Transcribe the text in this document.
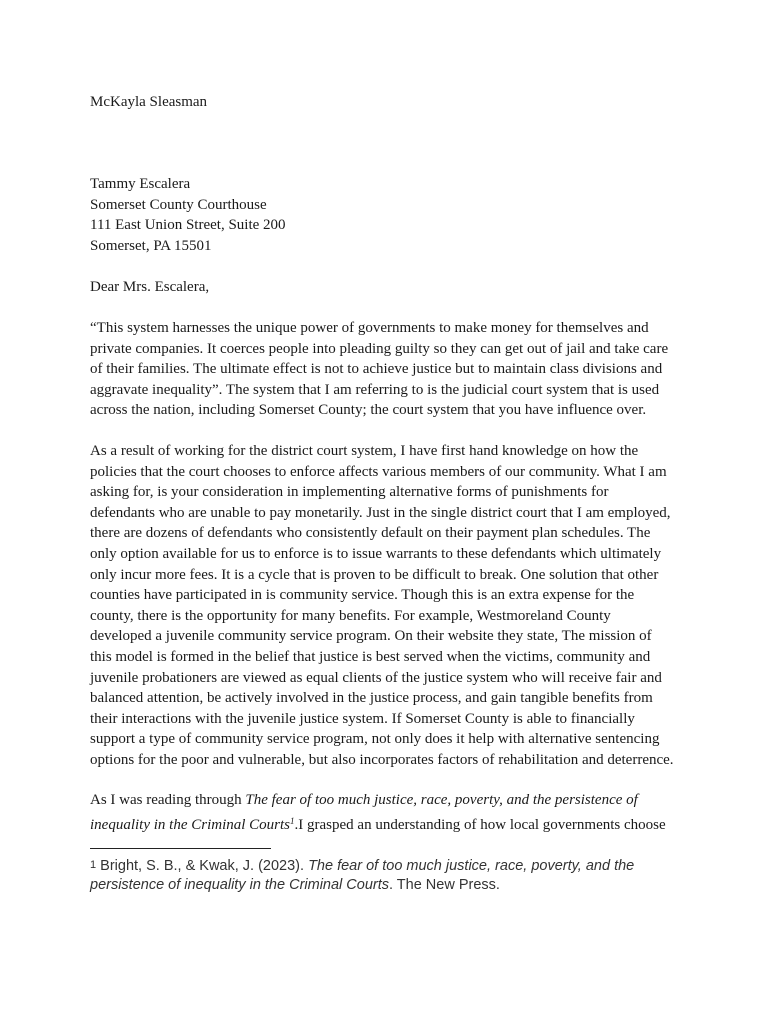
McKayla Sleasman
Tammy Escalera
Somerset County Courthouse
111 East Union Street, Suite 200
Somerset, PA 15501
Dear Mrs. Escalera,
“This system harnesses the unique power of governments to make money for themselves and
private companies. It coerces people into pleading guilty so they can get out of jail and take care
of their families. The ultimate effect is not to achieve justice but to maintain class divisions and
aggravate inequality”. The system that I am referring to is the judicial court system that is used
across the nation, including Somerset County; the court system that you have influence over.
As a result of working for the district court system, I have first hand knowledge on how the
policies that the court chooses to enforce affects various members of our community. What I am
asking for, is your consideration in implementing alternative forms of punishments for
defendants who are unable to pay monetarily. Just in the single district court that I am employed,
there are dozens of defendants who consistently default on their payment plan schedules. The
only option available for us to enforce is to issue warrants to these defendants which ultimately
only incur more fees. It is a cycle that is proven to be difficult to break. One solution that other
counties have participated in is community service. Though this is an extra expense for the
county, there is the opportunity for many benefits. For example, Westmoreland County
developed a juvenile community service program. On their website they state, The mission of
this model is formed in the belief that justice is best served when the victims, community and
juvenile probationers are viewed as equal clients of the justice system who will receive fair and
balanced attention, be actively involved in the justice process, and gain tangible benefits from
their interactions with the juvenile justice system. If Somerset County is able to financially
support a type of community service program, not only does it help with alternative sentencing
options for the poor and vulnerable, but also incorporates factors of rehabilitation and deterrence.
As I was reading through The fear of too much justice, race, poverty, and the persistence of
inequality in the Criminal Courts$^1$.I grasped an understanding of how local governments choose
1 Bright, S. B., & Kwak, J. (2023). The fear of too much justice, race, poverty, and the
persistence of inequality in the Criminal Courts. The New Press.
